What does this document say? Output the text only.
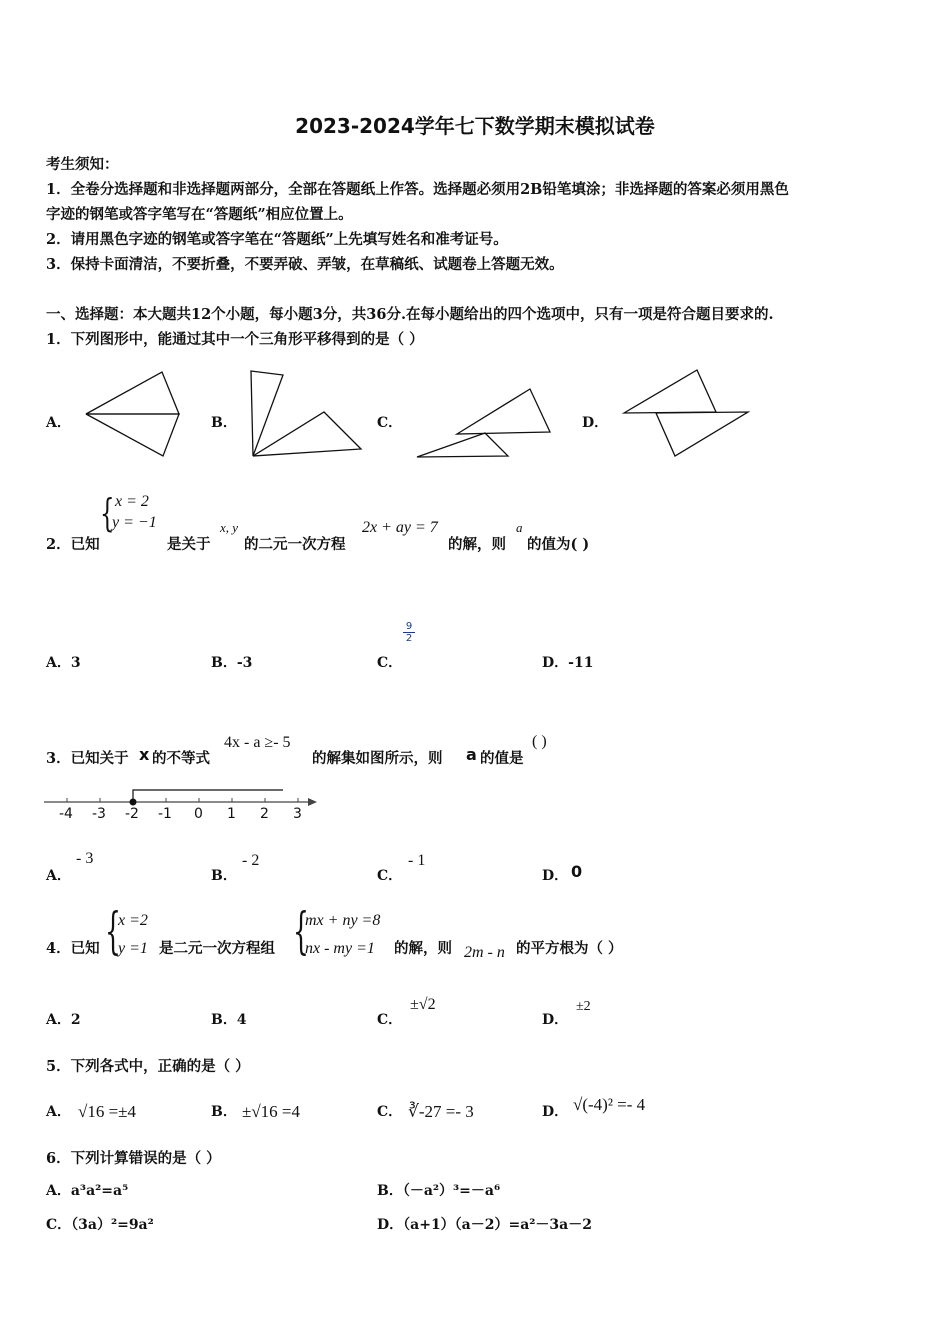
2023-2024学年七下数学期末模拟试卷
考生须知：
1．全卷分选择题和非选择题两部分，全部在答题纸上作答。选择题必须用2B铅笔填涂；非选择题的答案必须用黑色
字迹的钢笔或答字笔写在“答题纸”相应位置上。
2．请用黑色字迹的钢笔或答字笔在“答题纸”上先填写姓名和准考证号。
3．保持卡面清洁，不要折叠，不要弄破、弄皱，在草稿纸、试题卷上答题无效。
一、选择题：本大题共12个小题，每小题3分，共36分.在每小题给出的四个选项中，只有一项是符合题目要求的.
1．下列图形中，能通过其中一个三角形平移得到的是（ ）
A．	B．	C．	D．
{ x = 2
y = −1
2．已知	是关于
x, y
的二元一次方程
2x + ay = 7
的解，则
a
的值为( )
A．3	B．-3	C．
$\frac{9}{2}$
D．-11
3．已知关于 x 的不等式
4x - a ≥- 5
的解集如图所示，则 a 的值是
( )
-4 -3 -2 -1 0 1 2 3
A．
- 3
B．
- 2
C．
- 1
D． 0
4．已知 {
x =2
y =1 是二元一次方程组 {
mx + ny =8
nx - my =1 的解，则 2m - n 的平方根为（ ）
A．2	B．4	C．
±√2
D．
±2
5．下列各式中，正确的是（ ）
A． √16 =±4	B． ±√16 =4	C． ∛-27 =- 3	D． √(-4)² =- 4
6．下列计算错误的是（ ）
A．a³a²=a⁵	B．（－a²）³=－a⁶
C．（3a）²=9a²	D．（a+1）（a－2）=a²－3a－2
